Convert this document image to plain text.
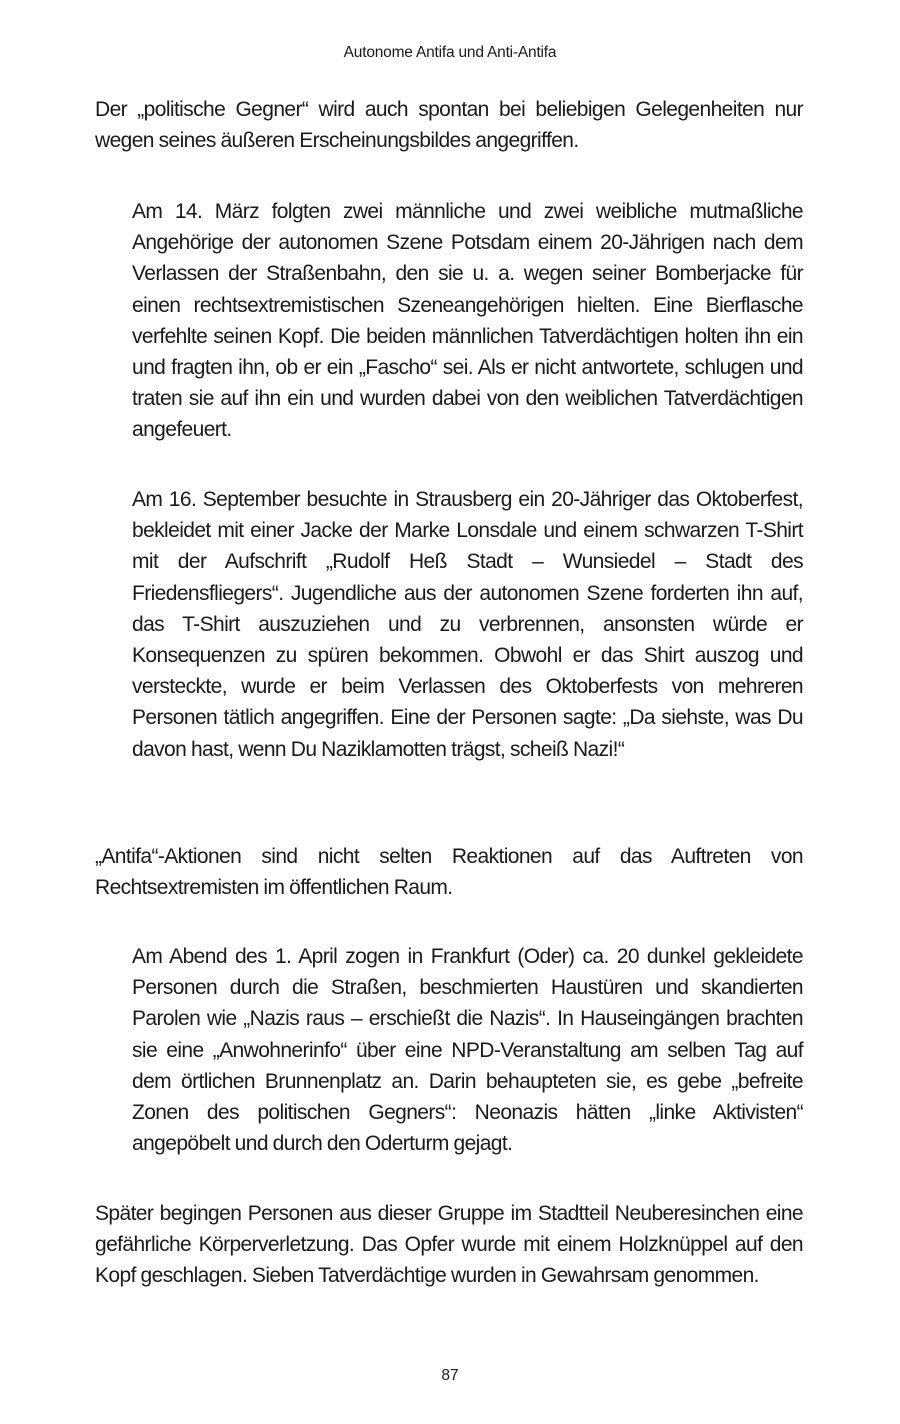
Autonome Antifa und Anti-Antifa

Der „politische Gegner“ wird auch spontan bei beliebigen Gelegenheiten nur wegen seines äußeren Erscheinungsbildes angegriffen.

Am 14. März folgten zwei männliche und zwei weibliche mutmaßliche Angehörige der autonomen Szene Potsdam einem 20-Jährigen nach dem Verlassen der Straßenbahn, den sie u. a. wegen seiner Bomberjacke für einen rechtsextremistischen Szeneangehörigen hielten. Eine Bierflasche verfehlte seinen Kopf. Die beiden männlichen Tatverdächtigen holten ihn ein und fragten ihn, ob er ein „Fascho“ sei. Als er nicht antwortete, schlugen und traten sie auf ihn ein und wurden dabei von den weiblichen Tatverdächtigen angefeuert.

Am 16. September besuchte in Strausberg ein 20-Jähriger das Oktoberfest, bekleidet mit einer Jacke der Marke Lonsdale und einem schwarzen T-Shirt mit der Aufschrift „Rudolf Heß Stadt – Wunsiedel – Stadt des Friedensfliegers“. Jugendliche aus der autonomen Szene forderten ihn auf, das T-Shirt auszuziehen und zu verbrennen, ansonsten würde er Konsequenzen zu spüren bekommen. Obwohl er das Shirt auszog und versteckte, wurde er beim Verlassen des Oktoberfests von mehreren Personen tätlich angegriffen. Eine der Personen sagte: „Da siehste, was Du davon hast, wenn Du Naziklamotten trägst, scheiß Nazi!“

„Antifa“-Aktionen sind nicht selten Reaktionen auf das Auftreten von Rechtsextremisten im öffentlichen Raum.

Am Abend des 1. April zogen in Frankfurt (Oder) ca. 20 dunkel gekleidete Personen durch die Straßen, beschmierten Haustüren und skandierten Parolen wie „Nazis raus – erschießt die Nazis“. In Hauseingängen brachten sie eine „Anwohnerinfo“ über eine NPD-Veranstaltung am selben Tag auf dem örtlichen Brunnenplatz an. Darin behaupteten sie, es gebe „befreite Zonen des politischen Gegners“: Neonazis hätten „linke Aktivisten“ angepöbelt und durch den Oderturm gejagt.

Später begingen Personen aus dieser Gruppe im Stadtteil Neuberesinchen eine gefährliche Körperverletzung. Das Opfer wurde mit einem Holzknüppel auf den Kopf geschlagen. Sieben Tatverdächtige wurden in Gewahrsam genommen.

87
